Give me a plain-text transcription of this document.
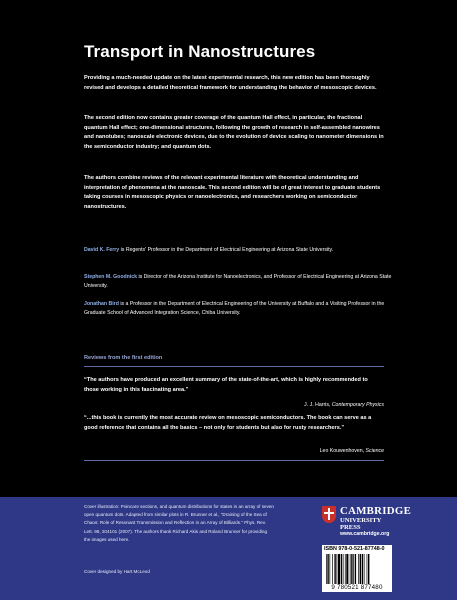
Transport in Nanostructures
Providing a much-needed update on the latest experimental research, this new edition has been thoroughly revised and develops a detailed theoretical framework for understanding the behavior of mesoscopic devices.
The second edition now contains greater coverage of the quantum Hall effect, in particular, the fractional quantum Hall effect; one-dimensional structures, following the growth of research in self-assembled nanowires and nanotubes; nanoscale electronic devices, due to the evolution of device scaling to nanometer dimensions in the semiconductor industry; and quantum dots.
The authors combine reviews of the relevant experimental literature with theoretical understanding and interpretation of phenomena at the nanoscale. This second edition will be of great interest to graduate students taking courses in mesoscopic physics or nanoelectronics, and researchers working on semiconductor nanostructures.
David K. Ferry is Regents' Professor in the Department of Electrical Engineering at Arizona State University.
Stephen M. Goodnick is Director of the Arizona Institute for Nanoelectronics, and Professor of Electrical Engineering at Arizona State University.
Jonathan Bird is a Professor in the Department of Electrical Engineering of the University at Buffalo and a Visiting Professor in the Graduate School of Advanced Integration Science, Chiba University.
Reviews from the first edition
“The authors have produced an excellent summary of the state-of-the-art, which is highly recommended to those working in this fascinating area.”
J. J. Harris, Contemporary Physics
“...this book is currently the most accurate review on mesoscopic semiconductors. The book can serve as a good reference that contains all the basics – not only for students but also for rusty researchers.”
Leo Kouwenhoven, Science
Cover illustration: Poincare sections, and quantum distributions for states in an array of seven open quantum dots. Adapted from similar plots in R. Brunner et al., “Draining of the Sea of Chaos: Role of Resonant Transmission and Reflection in an Array of Billiards.” Phys. Rev. Lett. 98, 204101 (2007). The authors thank Richard Akis and Roland Brunner for providing the images used here.
Cover designed by Hart McLeod
CAMBRIDGE
UNIVERSITY PRESS
www.cambridge.org
ISBN 978-0-521-87748-0
9 780521 877480
